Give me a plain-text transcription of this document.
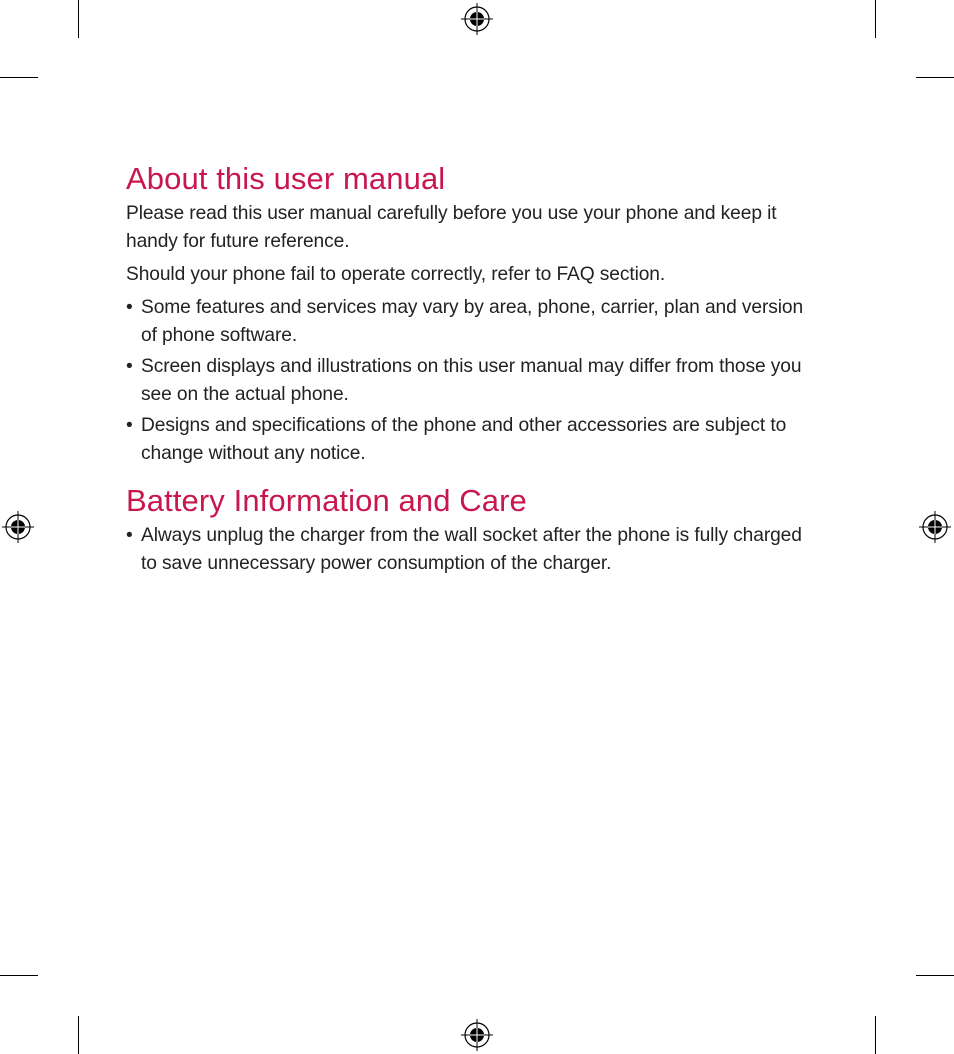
About this user manual

Please read this user manual carefully before you use your phone and keep it handy for future reference.

Should your phone fail to operate correctly, refer to FAQ section.

• Some features and services may vary by area, phone, carrier, plan and version of phone software.
• Screen displays and illustrations on this user manual may differ from those you see on the actual phone.
• Designs and specifications of the phone and other accessories are subject to change without any notice.
Battery Information and Care
• Always unplug the charger from the wall socket after the phone is fully charged to save unnecessary power consumption of the charger.
